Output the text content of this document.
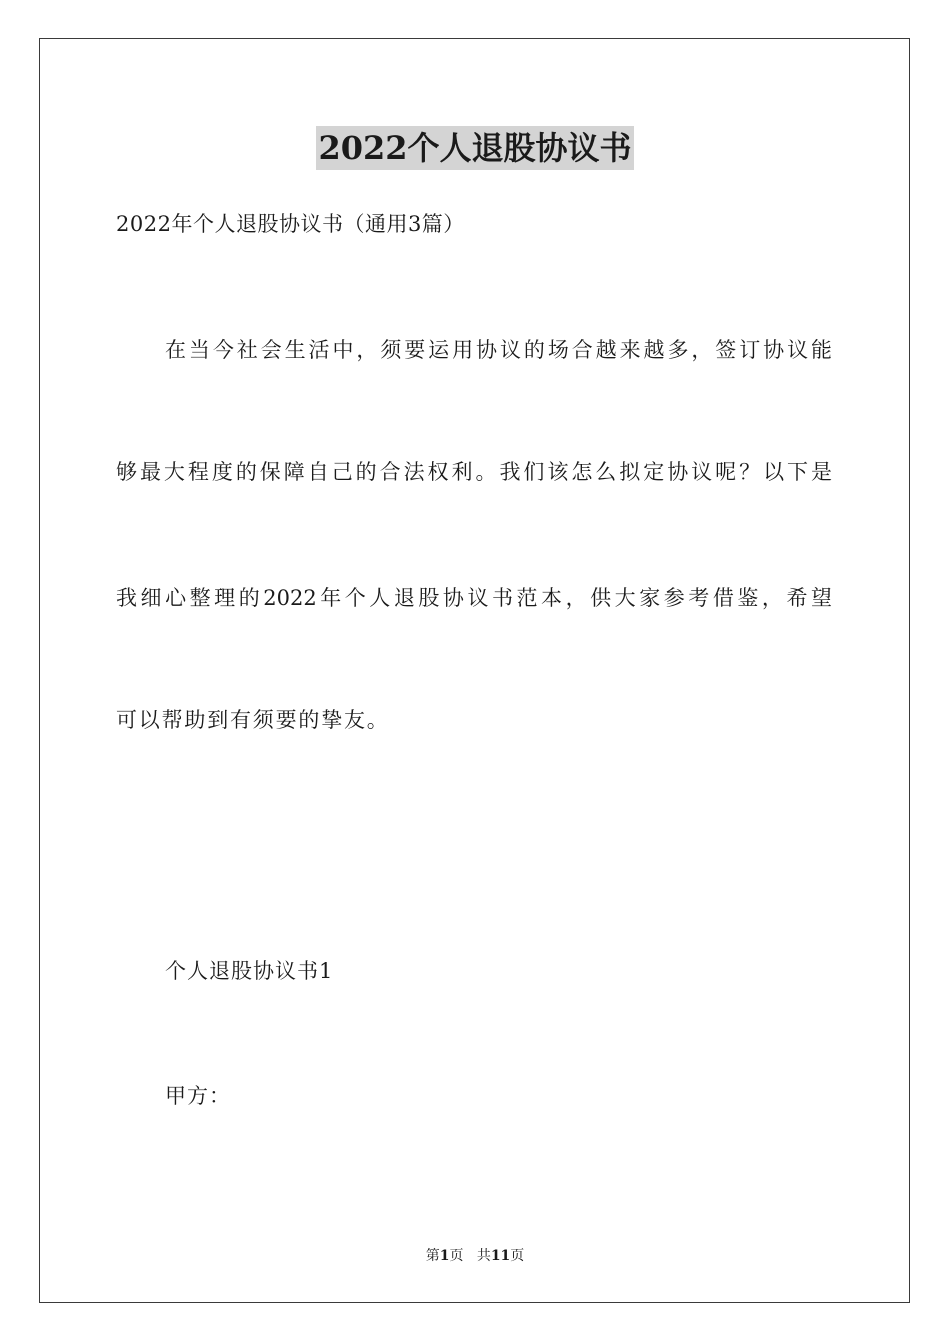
2022个人退股协议书
2022年个人退股协议书（通用3篇）
在当今社会生活中，须要运用协议的场合越来越多，签订协议能
够最大程度的保障自己的合法权利。我们该怎么拟定协议呢？以下是
我细心整理的2022年个人退股协议书范本，供大家参考借鉴，希望
可以帮助到有须要的挚友。
个人退股协议书1
甲方：
第1页 共11页
